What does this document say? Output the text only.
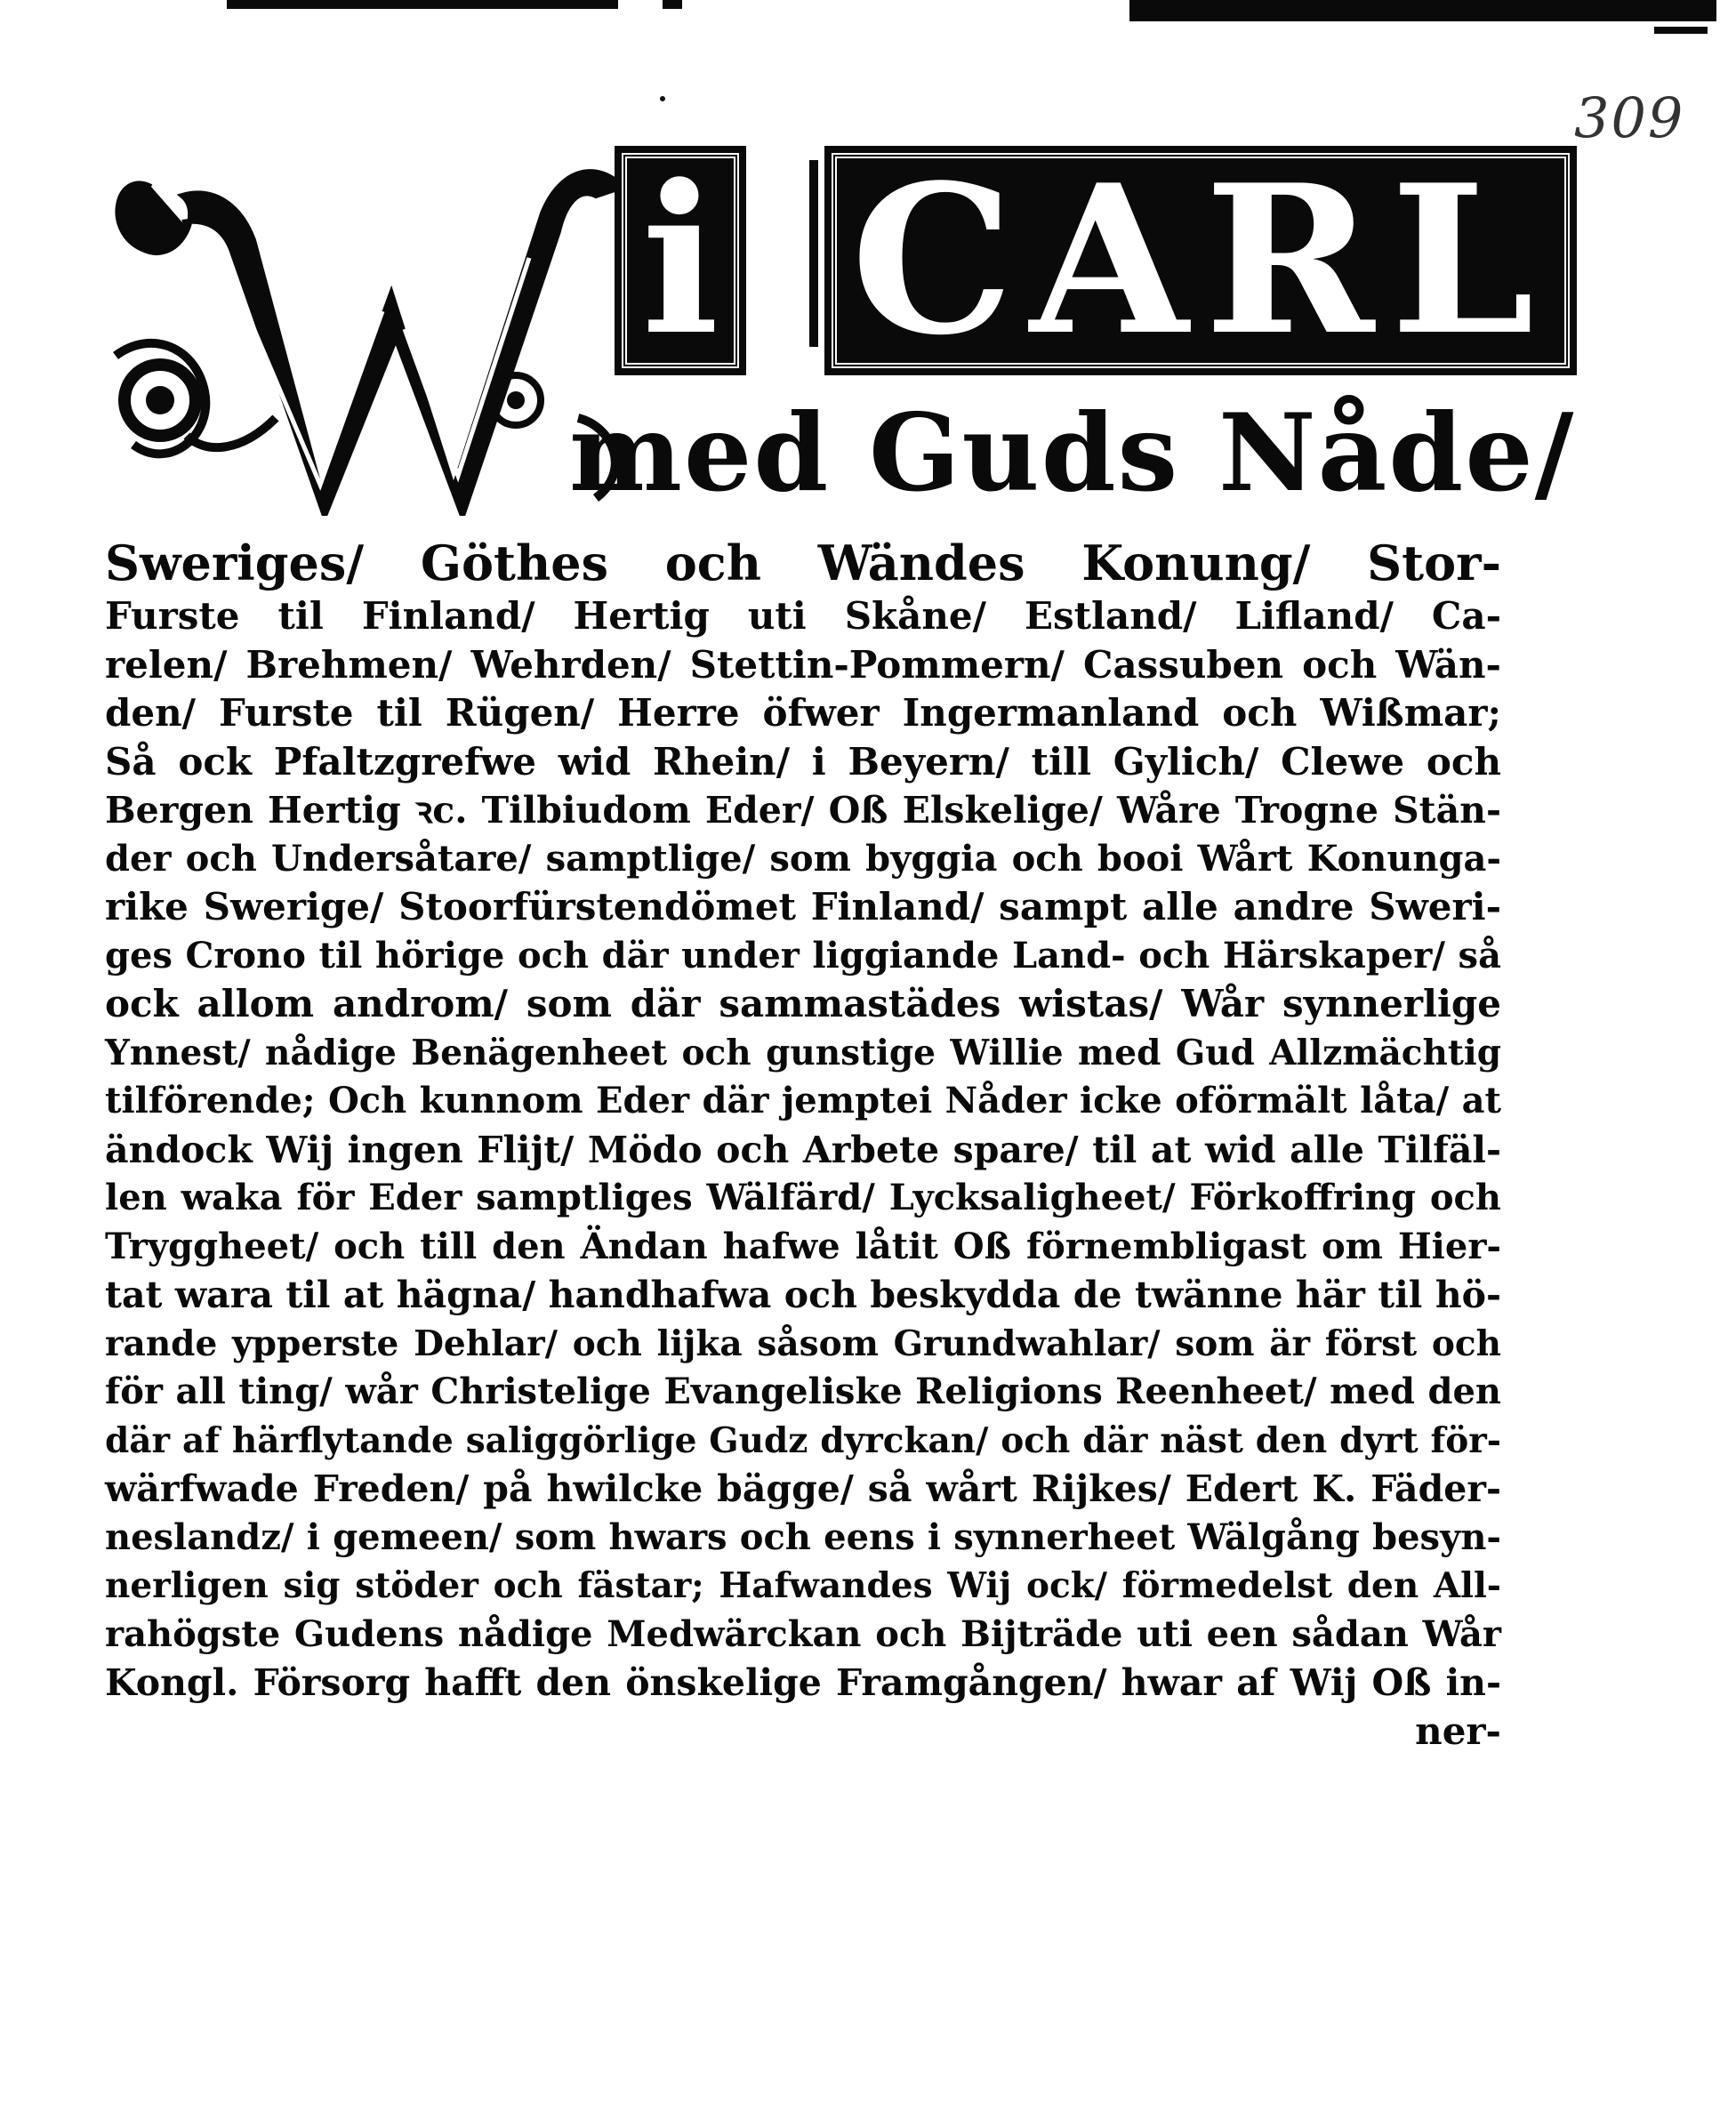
309
i CARL
med Guds Nåde/
Sweriges/ Göthes och Wändes Konung/ Stor-
Furste til Finland/ Hertig uti Skåne/ Estland/ Lifland/ Ca-
relen/ Brehmen/ Wehrden/ Stettin-Pommern/ Cassuben och Wän-
den/ Furste til Rügen/ Herre öfwer Ingermanland och Wißmar;
Så ock Pfaltzgrefwe wid Rhein/ i Beyern/ till Gylich/ Clewe och
Bergen Hertig ꝛc. Tilbiudom Eder/ Oß Elskelige/ Wåre Trogne Stän-
der och Undersåtare/ samptlige/ som byggia och booi Wårt Konunga-
rike Swerige/ Stoorfürstendömet Finland/ sampt alle andre Sweri-
ges Crono til hörige och där under liggiande Land- och Härskaper/ så
ock allom androm/ som där sammastädes wistas/ Wår synnerlige
Ynnest/ nådige Benägenheet och gunstige Willie med Gud Allzmächtig
tilförende; Och kunnom Eder där jemptei Nåder icke oförmält låta/ at
ändock Wij ingen Flijt/ Mödo och Arbete spare/ til at wid alle Tilfäl-
len waka för Eder samptliges Wälfärd/ Lycksaligheet/ Förkoffring och
Tryggheet/ och till den Ändan hafwe låtit Oß förnembligast om Hier-
tat wara til at hägna/ handhafwa och beskydda de twänne här til hö-
rande ypperste Dehlar/ och lijka såsom Grundwahlar/ som är först och
för all ting/ wår Christelige Evangeliske Religions Reenheet/ med den
där af härflytande saliggörlige Gudz dyrckan/ och där näst den dyrt för-
wärfwade Freden/ på hwilcke bägge/ så wårt Rijkes/ Edert K. Fäder-
neslandz/ i gemeen/ som hwars och eens i synnerheet Wälgång besyn-
nerligen sig stöder och fästar; Hafwandes Wij ock/ förmedelst den All-
rahögste Gudens nådige Medwärckan och Bijträde uti een sådan Wår
Kongl. Försorg hafft den önskelige Framgången/ hwar af Wij Oß in-
ner-
